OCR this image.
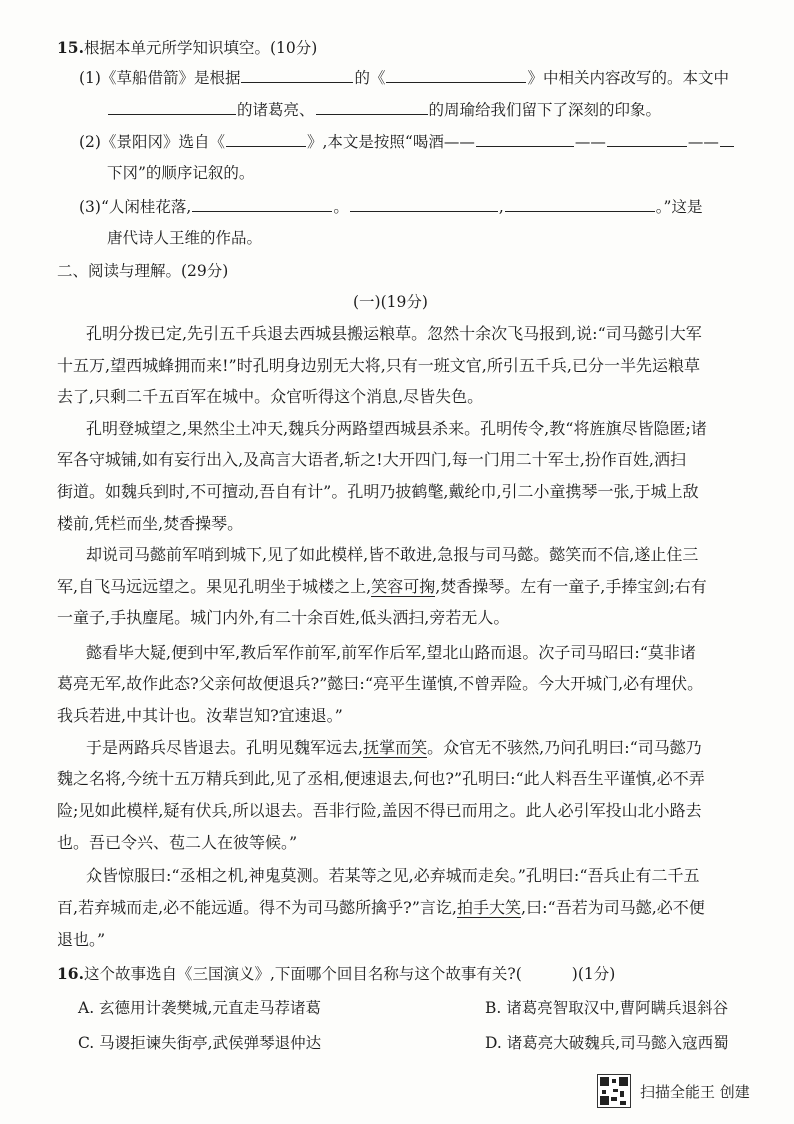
15.根据本单元所学知识填空。(10分)
(1)《草船借箭》是根据	的《	》中相关内容改写的。本文中
的诸葛亮、	的周瑜给我们留下了深刻的印象。
(2)《景阳冈》选自《	》,本文是按照“喝酒——	——	——
下冈”的顺序记叙的。
(3)“人闲桂花落,	。	,	。”这是
唐代诗人王维的作品。
二、阅读与理解。(29分)
(一)(19分)
孔明分拨已定,先引五千兵退去西城县搬运粮草。忽然十余次飞马报到,说:“司马懿引大军
十五万,望西城蜂拥而来!”时孔明身边别无大将,只有一班文官,所引五千兵,已分一半先运粮草
去了,只剩二千五百军在城中。众官听得这个消息,尽皆失色。
孔明登城望之,果然尘土冲天,魏兵分两路望西城县杀来。孔明传令,教“将旌旗尽皆隐匿;诸
军各守城铺,如有妄行出入,及高言大语者,斩之!大开四门,每一门用二十军士,扮作百姓,洒扫
街道。如魏兵到时,不可擅动,吾自有计”。孔明乃披鹤氅,戴纶巾,引二小童携琴一张,于城上敌
楼前,凭栏而坐,焚香操琴。
却说司马懿前军哨到城下,见了如此模样,皆不敢进,急报与司马懿。懿笑而不信,遂止住三
军,自飞马远远望之。果见孔明坐于城楼之上,笑容可掬,焚香操琴。左有一童子,手捧宝剑;右有
一童子,手执麈尾。城门内外,有二十余百姓,低头洒扫,旁若无人。
懿看毕大疑,便到中军,教后军作前军,前军作后军,望北山路而退。次子司马昭曰:“莫非诸
葛亮无军,故作此态?父亲何故便退兵?”懿曰:“亮平生谨慎,不曾弄险。今大开城门,必有埋伏。
我兵若进,中其计也。汝辈岂知?宜速退。”
于是两路兵尽皆退去。孔明见魏军远去,抚掌而笑。众官无不骇然,乃问孔明曰:“司马懿乃
魏之名将,今统十五万精兵到此,见了丞相,便速退去,何也?”孔明曰:“此人料吾生平谨慎,必不弄
险;见如此模样,疑有伏兵,所以退去。吾非行险,盖因不得已而用之。此人必引军投山北小路去
也。吾已令兴、苞二人在彼等候。”
众皆惊服曰:“丞相之机,神鬼莫测。若某等之见,必弃城而走矣。”孔明曰:“吾兵止有二千五
百,若弃城而走,必不能远遁。得不为司马懿所擒乎?”言讫,拍手大笑,曰:“吾若为司马懿,必不便
退也。”
16.这个故事选自《三国演义》,下面哪个回目名称与这个故事有关?(	)(1分)
A. 玄德用计袭樊城,元直走马荐诸葛	B. 诸葛亮智取汉中,曹阿瞒兵退斜谷
C. 马谡拒谏失街亭,武侯弹琴退仲达	D. 诸葛亮大破魏兵,司马懿入寇西蜀
扫描全能王 创建
